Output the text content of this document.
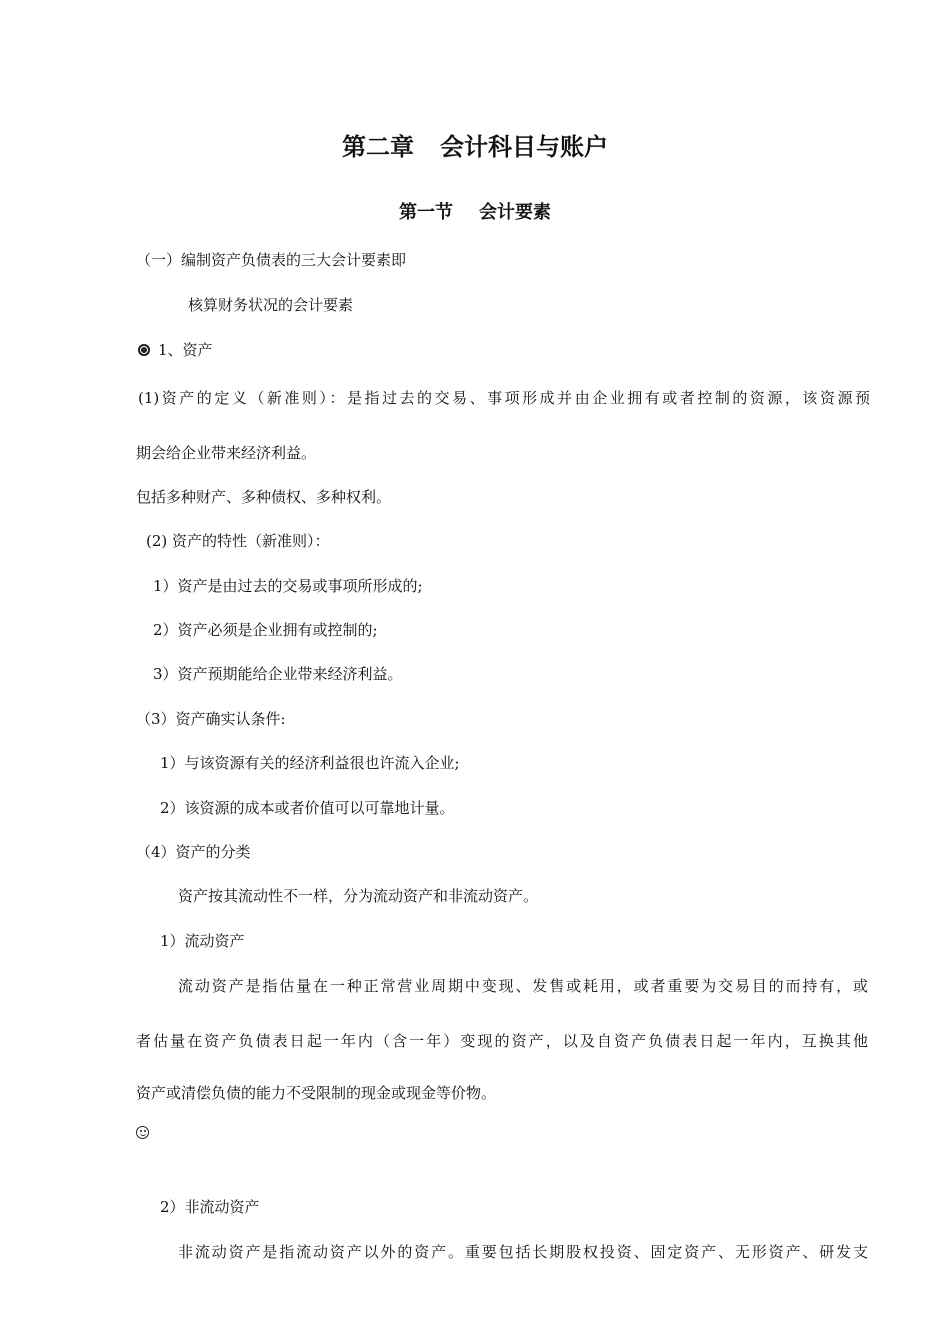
第二章 会计科目与账户
第一节 会计要素
（一）编制资产负债表的三大会计要素即
核算财务状况的会计要素
1、资产
(1)资产的定义（新准则）：是指过去的交易、事项形成并由企业拥有或者控制的资源，该资源预
期会给企业带来经济利益。
包括多种财产、多种债权、多种权利。
(2) 资产的特性（新准则）：
1）资产是由过去的交易或事项所形成的;
2）资产必须是企业拥有或控制的;
3）资产预期能给企业带来经济利益。
（3）资产确实认条件:
1）与该资源有关的经济利益很也许流入企业;
2）该资源的成本或者价值可以可靠地计量。
（4）资产的分类
资产按其流动性不一样，分为流动资产和非流动资产。
1）流动资产
流动资产是指估量在一种正常营业周期中变现、发售或耗用，或者重要为交易目的而持有，或
者估量在资产负债表日起一年内（含一年）变现的资产，以及自资产负债表日起一年内，互换其他
资产或清偿负债的能力不受限制的现金或现金等价物。
2）非流动资产
非流动资产是指流动资产以外的资产。重要包括长期股权投资、固定资产、无形资产、研发支
